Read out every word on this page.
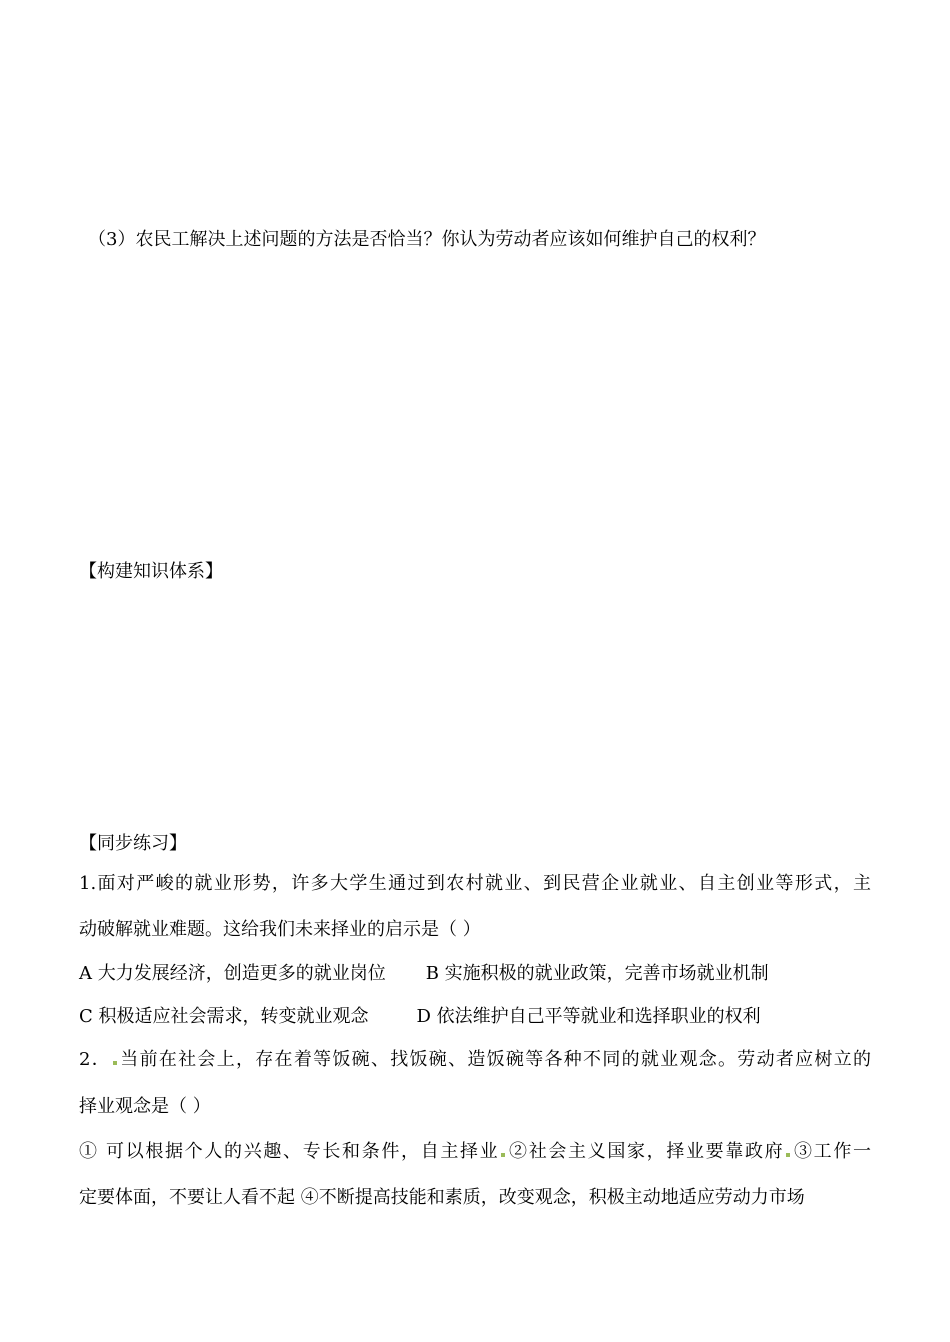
（3）农民工解决上述问题的方法是否恰当？你认为劳动者应该如何维护自己的权利？
【构建知识体系】
【同步练习】
1.面对严峻的就业形势，许多大学生通过到农村就业、到民营企业就业、自主创业等形式，主
动破解就业难题。这给我们未来择业的启示是（ ）
A 大力发展经济，创造更多的就业岗位 B 实施积极的就业政策，完善市场就业机制
C 积极适应社会需求，转变就业观念	D 依法维护自己平等就业和选择职业的权利
2． 当前在社会上，存在着等饭碗、找饭碗、造饭碗等各种不同的就业观念。劳动者应树立的
择业观念是（ ）
① 可以根据个人的兴趣、专长和条件，自主择业 ②社会主义国家，择业要靠政府 ③工作一
定要体面，不要让人看不起 ④不断提高技能和素质，改变观念，积极主动地适应劳动力市场
